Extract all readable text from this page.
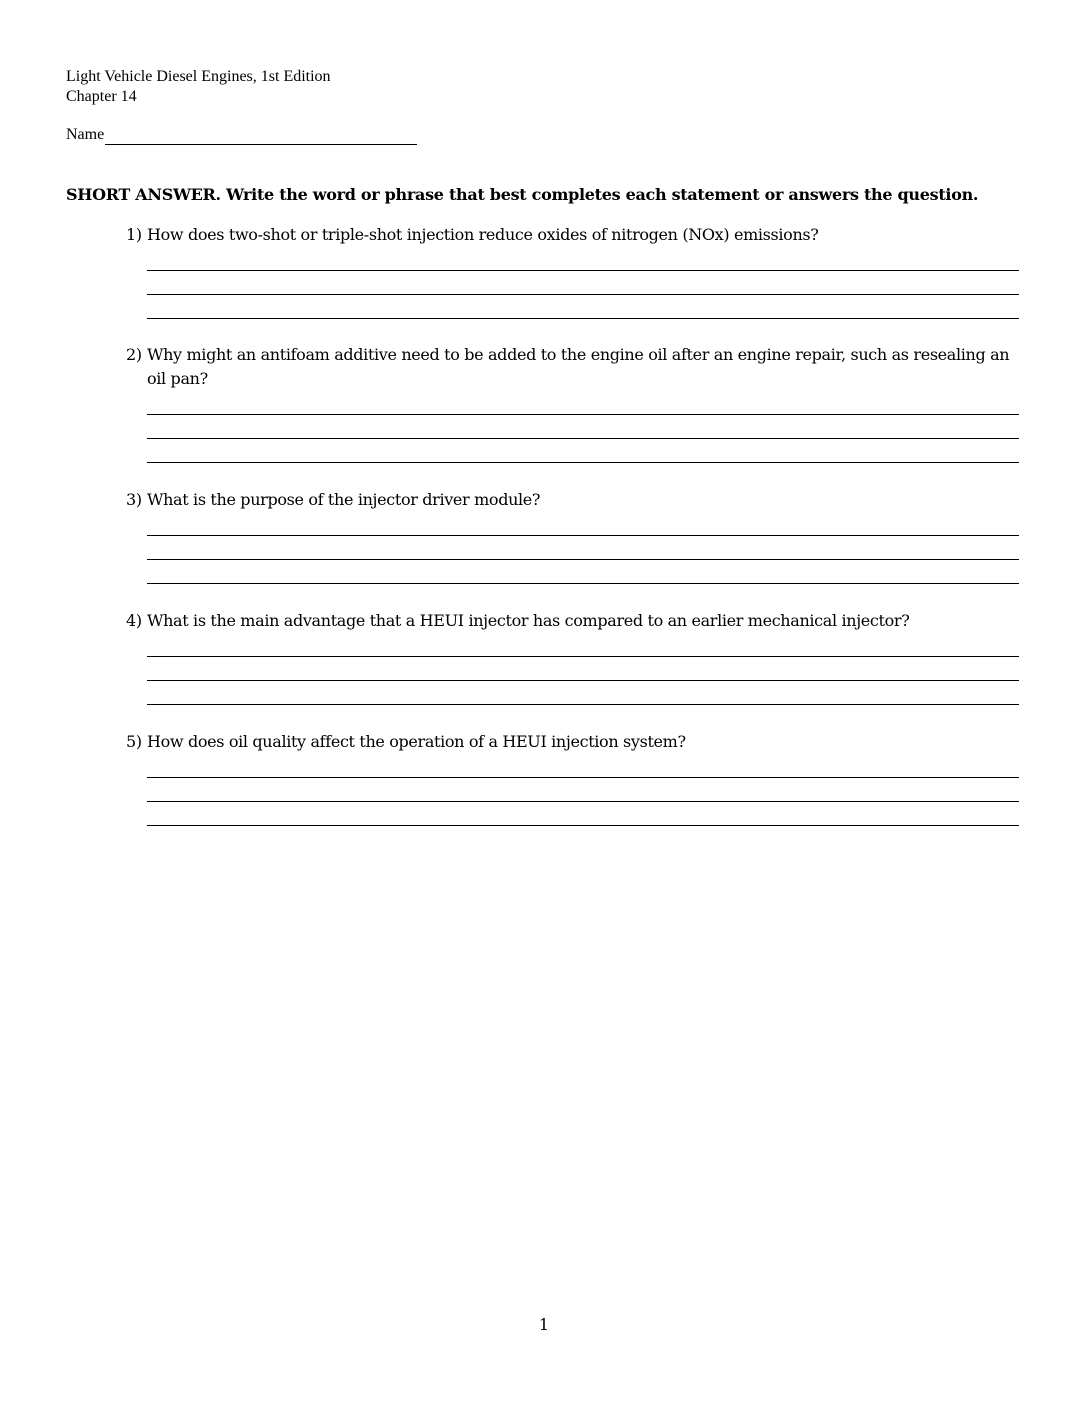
Light Vehicle Diesel Engines, 1st Edition
Chapter 14
Name
SHORT ANSWER. Write the word or phrase that best completes each statement or answers the question.
1) How does two-shot or triple-shot injection reduce oxides of nitrogen (NOx) emissions?
2) Why might an antifoam additive need to be added to the engine oil after an engine repair, such as resealing an oil pan?
3) What is the purpose of the injector driver module?
4) What is the main advantage that a HEUI injector has compared to an earlier mechanical injector?
5) How does oil quality affect the operation of a HEUI injection system?
1
